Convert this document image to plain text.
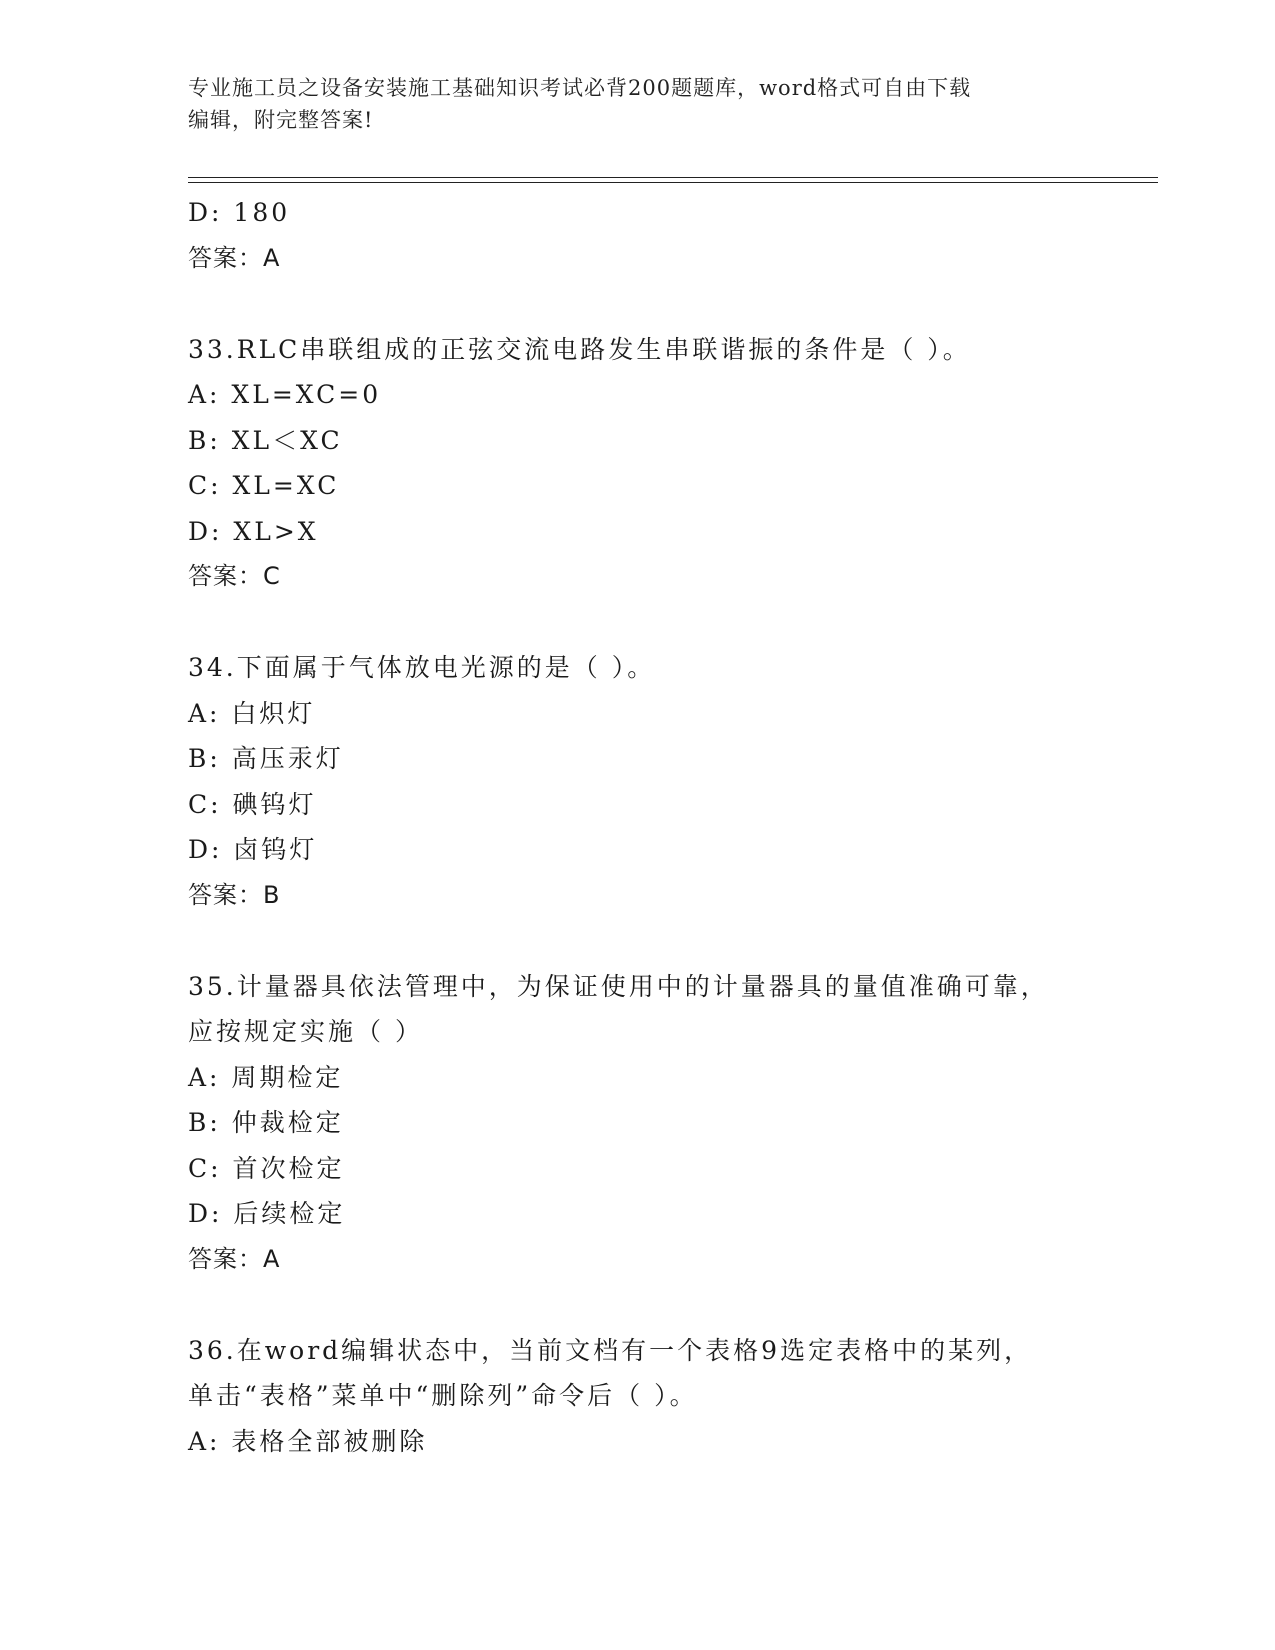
专业施工员之设备安装施工基础知识考试必背200题题库，word格式可自由下载
编辑，附完整答案!
D: 180
答案：A
33.RLC串联组成的正弦交流电路发生串联谐振的条件是（ ）。
A: XL=XC=0
B: XL＜XC
C: XL=XC
D: XL>X
答案：C
34.下面属于气体放电光源的是（ ）。
A: 白炽灯
B: 高压汞灯
C: 碘钨灯
D: 卤钨灯
答案：B
35.计量器具依法管理中，为保证使用中的计量器具的量值准确可靠，
应按规定实施（ ）
A: 周期检定
B: 仲裁检定
C: 首次检定
D: 后续检定
答案：A
36.在word编辑状态中，当前文档有一个表格9选定表格中的某列，
单击“表格”菜单中“删除列”命令后（ ）。
A: 表格全部被删除
